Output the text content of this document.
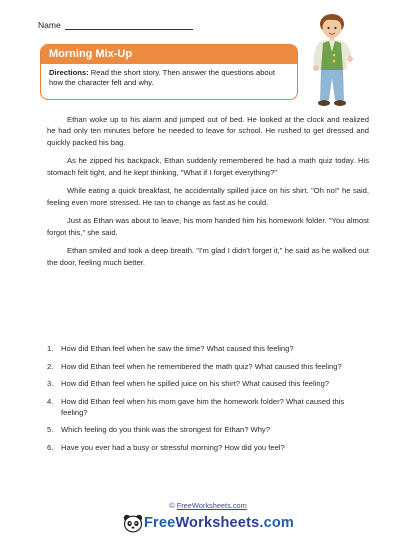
Name
Morning Mix-Up
Directions: Read the short story. Then answer the questions about how the character felt and why.

Ethan woke up to his alarm and jumped out of bed. He looked at the clock and realized he had only ten minutes before he needed to leave for school. He rushed to get dressed and quickly packed his bag.

As he zipped his backpack, Ethan suddenly remembered he had a math quiz today. His stomach felt tight, and he kept thinking, "What if I forget everything?"

While eating a quick breakfast, he accidentally spilled juice on his shirt. "Oh no!" he said, feeling even more stressed. He ran to change as fast as he could.

Just as Ethan was about to leave, his mom handed him his homework folder. "You almost forgot this," she said.

Ethan smiled and took a deep breath. "I'm glad I didn't forget it," he said as he walked out the door, feeling much better.

1.	How did Ethan feel when he saw the time? What caused this feeling?
2.	How did Ethan feel when he remembered the math quiz? What caused this feeling?
3.	How did Ethan feel when he spilled juice on his shirt? What caused this feeling?
4.	How did Ethan feel when his mom gave him the homework folder? What caused this feeling?
5.	Which feeling do you think was the strongest for Ethan? Why?
6.	Have you ever had a busy or stressful morning? How did you feel?
© FreeWorksheets.com
FreeWorksheets.com
